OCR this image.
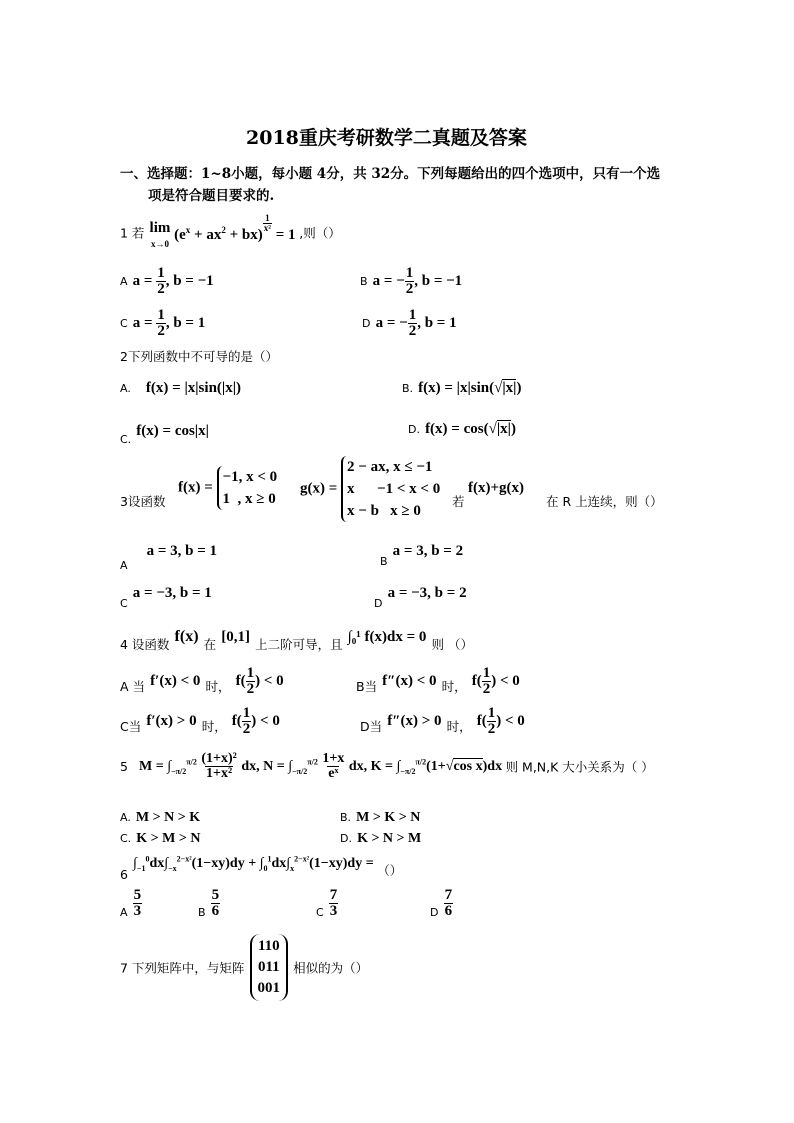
2018重庆考研数学二真题及答案
一、选择题：1~8小题，每小题 4分，共 32分。下列每题给出的四个选项中，只有一个选
项是符合题目要求的.
1 若 lim
x→0 $(e^x + ax^2 + bx)$
$\frac{1}{\text{x²}}$
= 1 ,则（）
A $a = \frac{1}{2}$ , b = −1	B a = − $\frac{1}{2}$ , b = −1
C $a = \frac{1}{2}$ , b = 1	D a = − $\frac{1}{2}$ , b = 1
2下列函数中不可导的是（）
A. f(x) = |x|sin(|x|)	B. f(x) = |x|sin(√|x|)
$_{C.}$ f(x) = cos|x|	D. f(x) = cos(√|x|)
3设函数
f(x) = −1, x < 0
1  , x ≥ 0
g(x) = 2 − ax, x ≤ −1
x      −1 < x < 0
x − b   x ≥ 0
若
f(x)+g(x)
在 R 上连续，则（）
$_A$ a = 3, b = 1
$_B$ a = 3, b = 2
$_C$ a = −3, b = 1
$_D$ a = −3, b = 2
$_{4 设函数}$ f(x) $_在$ [0,1] $_{上二阶可导,且}$ ∫₀¹ f(x)dx = 0 $_{则 ()}$
$_{A 当}$ f′(x) < 0 $_{时,}$ $f( \frac{1}{2}$ ) < 0	$_{B当}$ f″(x) < 0 $_{时,}$ $f( \frac{1}{2}$ ) < 0
$_{C当}$ f′(x) > 0 $_{时,}$ $f( \frac{1}{2}$ ) < 0	$_{D当}$ f″(x) > 0 $_{时,}$ $f( \frac{1}{2}$ ) < 0
5 $M = \int_{-\pi/2}^{\pi/2} \frac{\text{(1+x)²}}{\text{1+x²}}$ dx, $N = \int_{-\pi/2}^{\pi/2} \frac{1+x}{\text{eˣ}}$ dx, $K = \int_{-\pi/2}^{\pi/2}(1+√\cos$ x)dx 则 M,N,K 大小关系为（ ）
A. M > N > K	B. M > K > N
C. K > M > N	D. K > N > M
$_6$ $\int_{-1}^0dx\int_{-x}^{2-x^2}(1-xy)dy + \int_0^1dx\int_x^{2-x^2}(1-xy)dy = _{()}$
$_A \frac{5}{3}$	$_B \frac{5}{6}$	$_C \frac{7}{3}$	$_D \frac{7}{6}$
7 下列矩阵中，与矩阵
110
011
001
相似的为（）
